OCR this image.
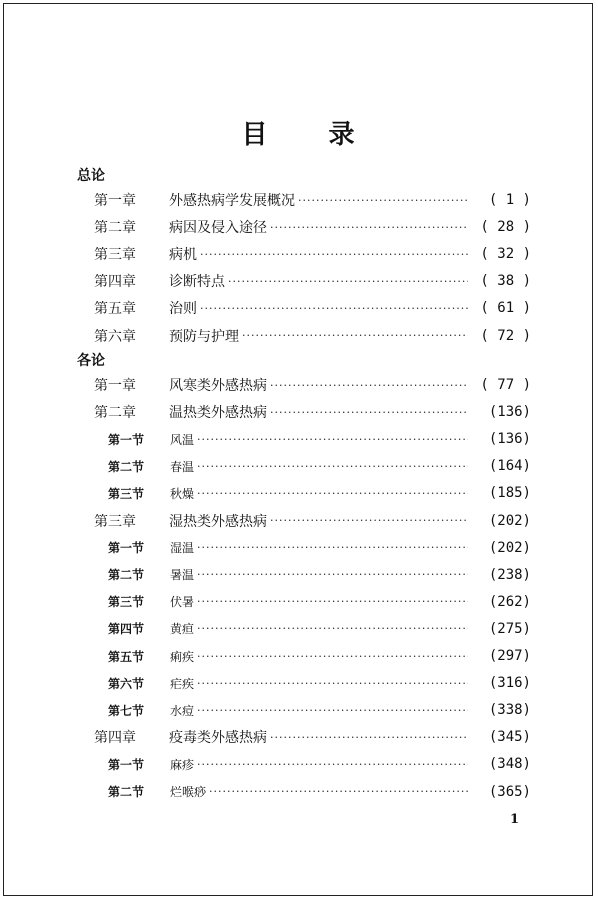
目 录
总论
第一章	外感热病学发展概况 ·····	( 1 )
第二章	病因及侵入途径 ·····	( 28 )
第三章	病机 ·····	( 32 )
第四章	诊断特点 ·····	( 38 )
第五章	治则 ·····	( 61 )
第六章	预防与护理 ·····	( 72 )
各论
第一章	风寒类外感热病 ·····	( 77 )
第二章	温热类外感热病 ·····	(136)
第一节	风温 ·····	(136)
第二节	春温 ·····	(164)
第三节	秋燥 ·····	(185)
第三章	湿热类外感热病 ·····	(202)
第一节	湿温 ·····	(202)
第二节	暑温 ·····	(238)
第三节	伏暑 ·····	(262)
第四节	黄疸 ·····	(275)
第五节	痢疾 ·····	(297)
第六节	疟疾 ·····	(316)
第七节	水痘 ·····	(338)
第四章	疫毒类外感热病 ·····	(345)
第一节	麻疹 ·····	(348)
第二节	烂喉痧 ·····	(365)
1
